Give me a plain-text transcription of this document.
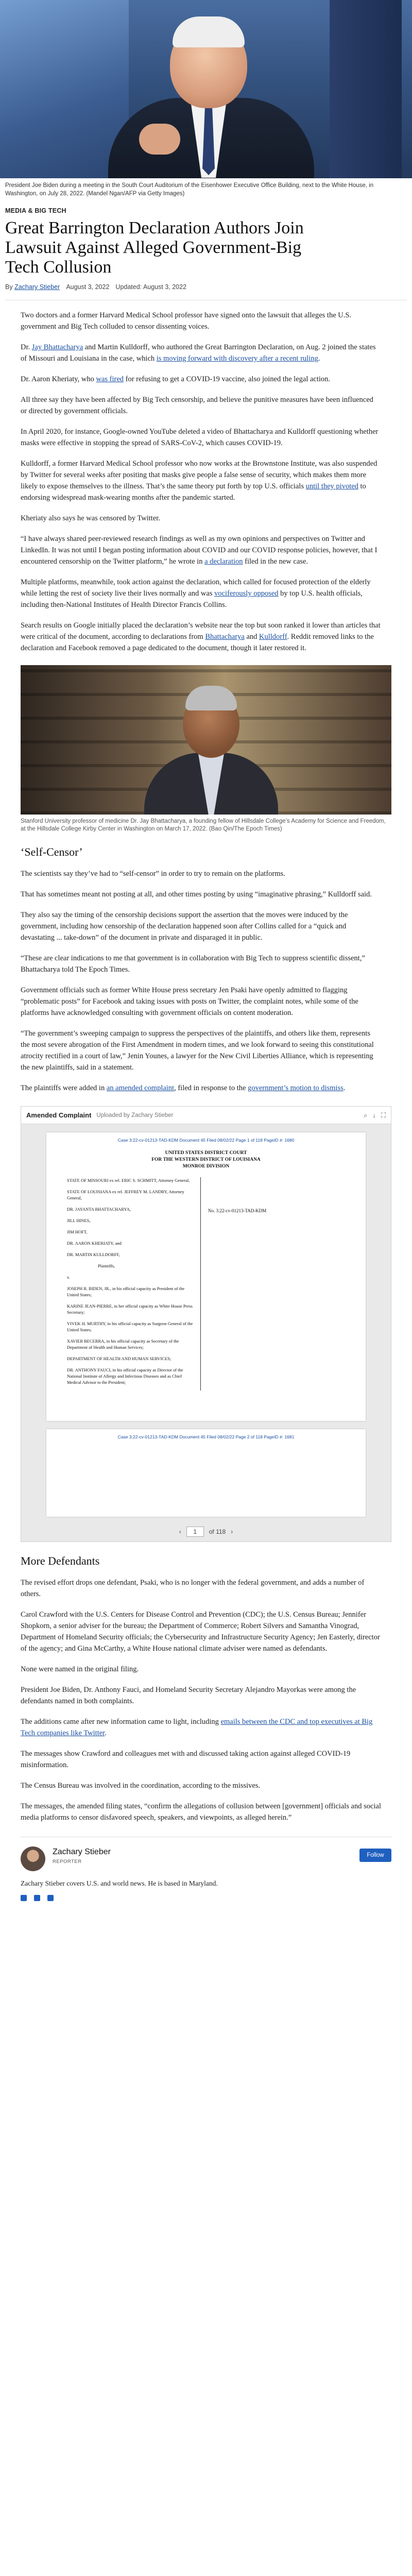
President Joe Biden during a meeting in the South Court Auditorium of the Eisenhower Executive Office Building, next to the White House, in Washington, on July 28, 2022. (Mandel Ngan/AFP via Getty Images)
MEDIA & BIG TECH
Great Barrington Declaration Authors Join Lawsuit Against Alleged Government-Big Tech Collusion
By Zachary Stieber August 3, 2022 Updated: August 3, 2022

Two doctors and a former Harvard Medical School professor have signed onto the lawsuit that alleges the U.S. government and Big Tech colluded to censor dissenting voices.

Dr. Jay Bhattacharya and Martin Kulldorff, who authored the Great Barrington Declaration, on Aug. 2 joined the states of Missouri and Louisiana in the case, which is moving forward with discovery after a recent ruling.

Dr. Aaron Kheriaty, who was fired for refusing to get a COVID-19 vaccine, also joined the legal action.

All three say they have been affected by Big Tech censorship, and believe the punitive measures have been influenced or directed by government officials.

In April 2020, for instance, Google-owned YouTube deleted a video of Bhattacharya and Kulldorff questioning whether masks were effective in stopping the spread of SARS-CoV-2, which causes COVID-19.

Kulldorff, a former Harvard Medical School professor who now works at the Brownstone Institute, was also suspended by Twitter for several weeks after positing that masks give people a false sense of security, which makes them more likely to expose themselves to the illness. That’s the same theory put forth by top U.S. officials until they pivoted to endorsing widespread mask-wearing months after the pandemic started.

Kheriaty also says he was censored by Twitter.

“I have always shared peer-reviewed research findings as well as my own opinions and perspectives on Twitter and LinkedIn. It was not until I began posting information about COVID and our COVID response policies, however, that I encountered censorship on the Twitter platform,” he wrote in a declaration filed in the new case.

Multiple platforms, meanwhile, took action against the declaration, which called for focused protection of the elderly while letting the rest of society live their lives normally and was vociferously opposed by top U.S. health officials, including then-National Institutes of Health Director Francis Collins.

Search results on Google initially placed the declaration’s website near the top but soon ranked it lower than articles that were critical of the document, according to declarations from Bhattacharya and Kulldorff. Reddit removed links to the declaration and Facebook removed a page dedicated to the document, though it later restored it.

Stanford University professor of medicine Dr. Jay Bhattacharya, a founding fellow of Hillsdale College’s Academy for Science and Freedom, at the Hillsdale College Kirby Center in Washington on March 17, 2022. (Bao Qin/The Epoch Times)
‘Self-Censor’

The scientists say they’ve had to “self-censor” in order to try to remain on the platforms.

That has sometimes meant not posting at all, and other times posting by using “imaginative phrasing,” Kulldorff said.

They also say the timing of the censorship decisions support the assertion that the moves were induced by the government, including how censorship of the declaration happened soon after Collins called for a “quick and devastating ... take-down” of the document in private and disparaged it in public.

“These are clear indications to me that government is in collaboration with Big Tech to suppress scientific dissent,” Bhattacharya told The Epoch Times.

Government officials such as former White House press secretary Jen Psaki have openly admitted to flagging “problematic posts” for Facebook and taking issues with posts on Twitter, the complaint notes, while some of the platforms have acknowledged consulting with government officials on content moderation.

“The government’s sweeping campaign to suppress the perspectives of the plaintiffs, and others like them, represents the most severe abrogation of the First Amendment in modern times, and we look forward to seeing this constitutional atrocity rectified in a court of law,” Jenin Younes, a lawyer for the New Civil Liberties Alliance, which is representing the new plaintiffs, said in a statement.

The plaintiffs were added in an amended complaint, filed in response to the government’s motion to dismiss.

Amended Complaint Uploaded by Zachary Stieber	⌕ ↓ ⛶
Case 3:22-cv-01213-TAD-KDM Document 45 Filed 08/02/22 Page 1 of 118 PageID #: 1680
UNITED STATES DISTRICT COURT
FOR THE WESTERN DISTRICT OF LOUISIANA
MONROE DIVISION
STATE OF MISSOURI ex rel. ERIC S. SCHMITT, Attorney General,
STATE OF LOUISIANA ex rel. JEFFREY M. LANDRY, Attorney General,
DR. JAYANTA BHATTACHARYA,
JILL HINES,
JIM HOFT,
DR. AARON KHERIATY, and
DR. MARTIN KULLDORFF,
Plaintiffs,
v.
JOSEPH R. BIDEN, JR., in his official capacity as President of the United States;
KARINE JEAN-PIERRE, in her official capacity as White House Press Secretary;
VIVEK H. MURTHY, in his official capacity as Surgeon General of the United States;
XAVIER BECERRA, in his official capacity as Secretary of the Department of Health and Human Services;
DEPARTMENT OF HEALTH AND HUMAN SERVICES;
DR. ANTHONY FAUCI, in his official capacity as Director of the National Institute of Allergy and Infectious Diseases and as Chief Medical Advisor to the President;
No. 3:22-cv-01213-TAD-KDM
Case 3:22-cv-01213-TAD-KDM Document 45 Filed 08/02/22 Page 2 of 118 PageID #: 1681
‹	1	of 118 ›
More Defendants

The revised effort drops one defendant, Psaki, who is no longer with the federal government, and adds a number of others.

Carol Crawford with the U.S. Centers for Disease Control and Prevention (CDC); the U.S. Census Bureau; Jennifer Shopkorn, a senior adviser for the bureau; the Department of Commerce; Robert Silvers and Samantha Vinograd, Department of Homeland Security officials; the Cybersecurity and Infrastructure Security Agency; Jen Easterly, director of the agency; and Gina McCarthy, a White House national climate adviser were named as defendants.

None were named in the original filing.

President Joe Biden, Dr. Anthony Fauci, and Homeland Security Secretary Alejandro Mayorkas were among the defendants named in both complaints.

The additions came after new information came to light, including emails between the CDC and top executives at Big Tech companies like Twitter.

The messages show Crawford and colleagues met with and discussed taking action against alleged COVID-19 misinformation.

The Census Bureau was involved in the coordination, according to the missives.

The messages, the amended filing states, “confirm the allegations of collusion between [government] officials and social media platforms to censor disfavored speech, speakers, and viewpoints, as alleged herein.”

Zachary Stieber
REPORTER
Follow
Zachary Stieber covers U.S. and world news. He is based in Maryland.
